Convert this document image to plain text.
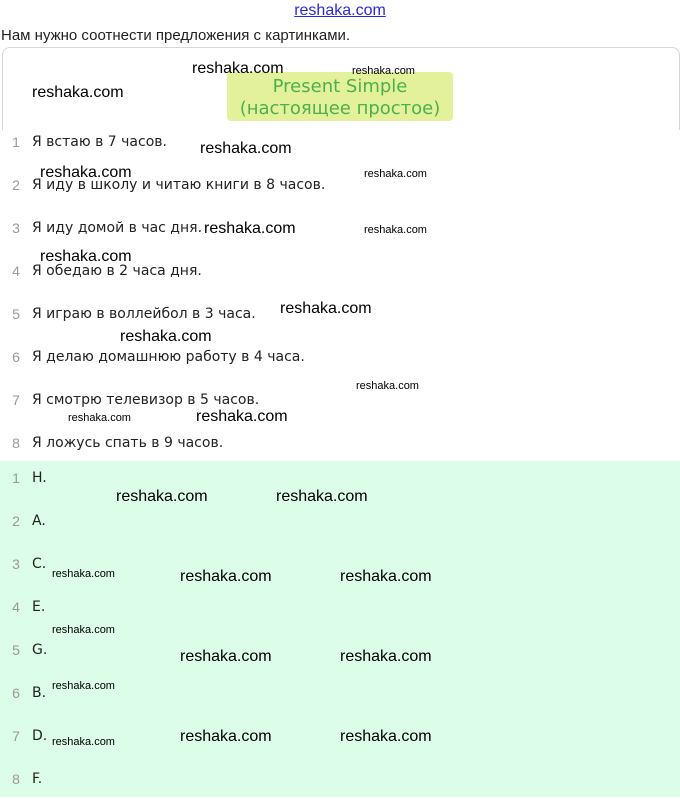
reshaka.com
Нам нужно соотнести предложения с картинками.
Present Simple
(настоящее простое)
1 Я встаю в 7 часов.
2 Я иду в школу и читаю книги в 8 часов.
3 Я иду домой в час дня.
4 Я обедаю в 2 часа дня.
5 Я играю в воллейбол в 3 часа.
6 Я делаю домашнюю работу в 4 часа.
7 Я смотрю телевизор в 5 часов.
8 Я ложусь спать в 9 часов.
1 H.
2 A.
3 C.
4 E.
5 G.
6 B.
7 D.
8 F.
reshaka.com	reshaka.com
reshaka.com
reshaka.com
reshaka.com	reshaka.com
reshaka.com	reshaka.com
reshaka.com
reshaka.com
reshaka.com
reshaka.com
reshaka.com
reshaka.com
reshaka.com	reshaka.com
reshaka.com	reshaka.com	reshaka.com
reshaka.com
reshaka.com	reshaka.com
reshaka.com
reshaka.com	reshaka.com
reshaka.com
